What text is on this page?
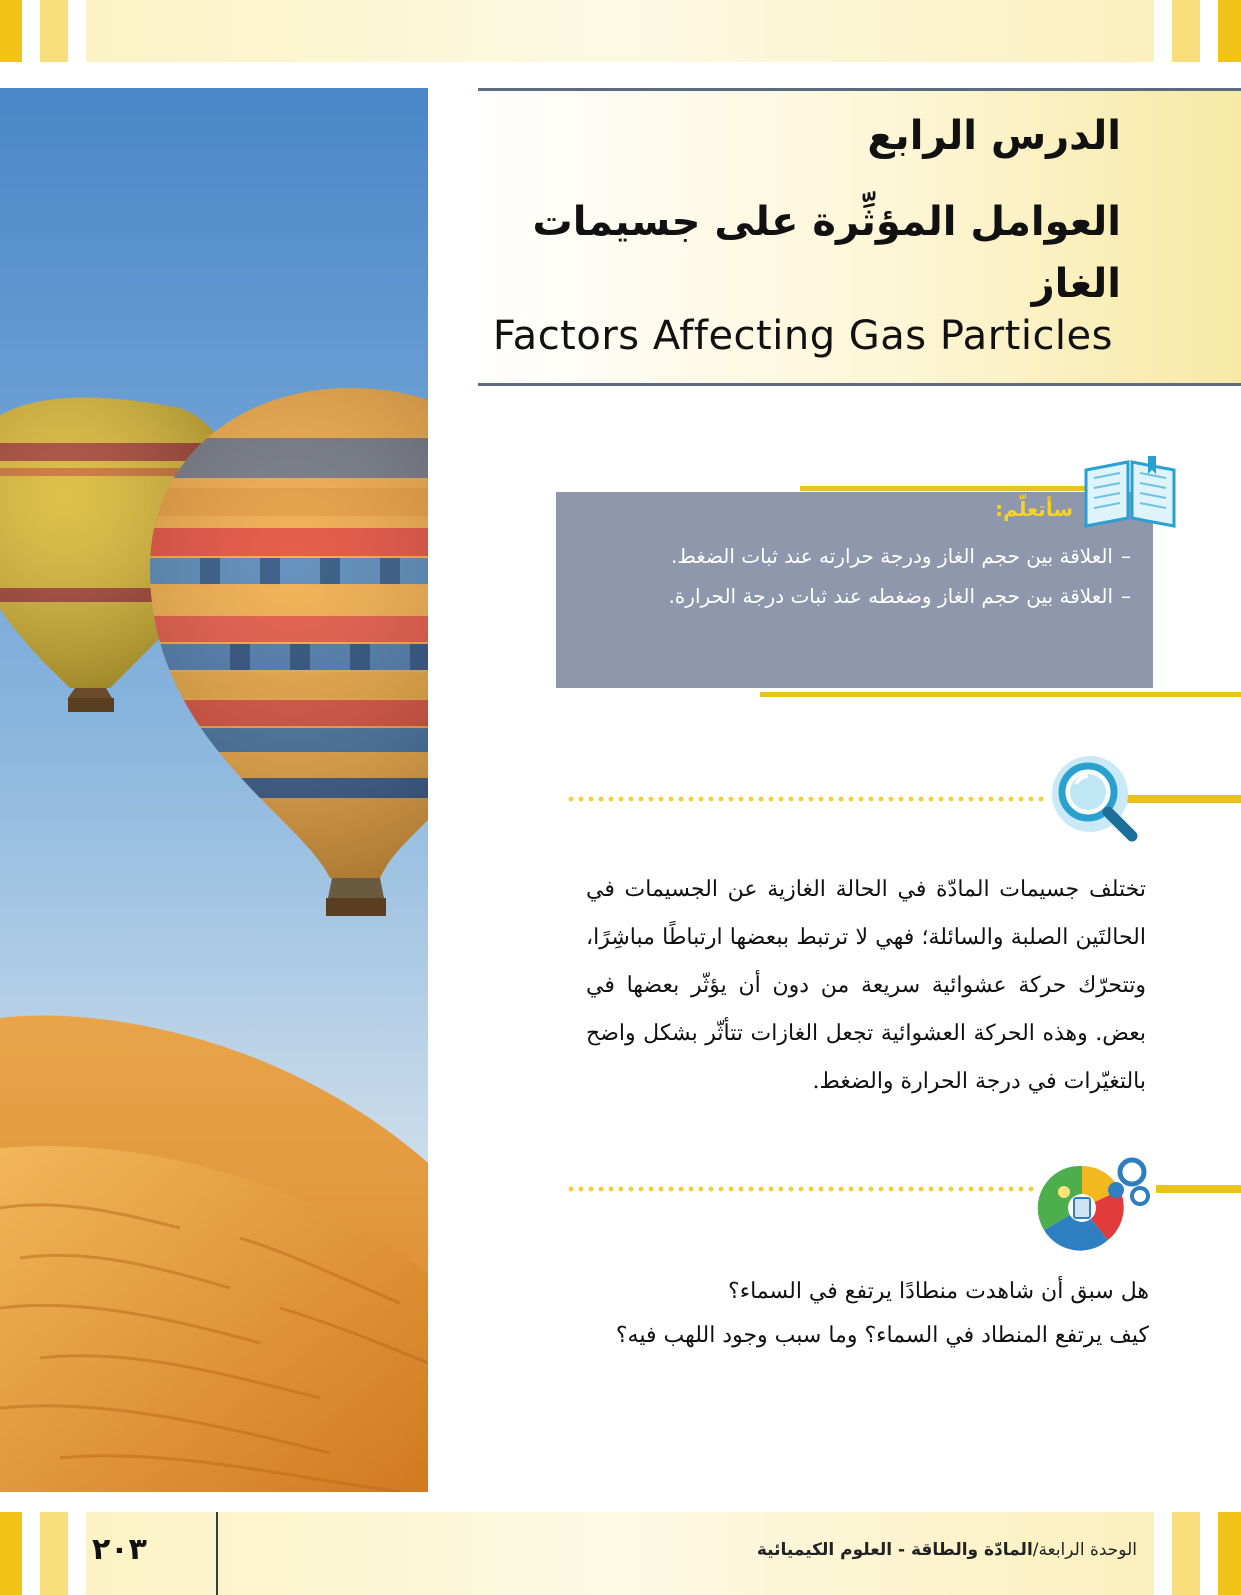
الدرس الرابع
العوامل المؤثِّرة على جسيمات الغاز
Factors Affecting Gas Particles
سأتعلّم:
–
العلاقة بين حجم الغاز ودرجة حرارته عند ثبات الضغط.
–
العلاقة بين حجم الغاز وضغطه عند ثبات درجة الحرارة.
تختلف جسيمات المادّة في الحالة الغازية عن الجسيمات في الحالتَين الصلبة والسائلة؛ فهي لا ترتبط ببعضها ارتباطًا مباشِرًا، وتتحرّك حركة عشوائية سريعة من دون أن يؤثّر بعضها في بعض. وهذه الحركة العشوائية تجعل الغازات تتأثّر بشكل واضح بالتغيّرات في درجة الحرارة والضغط.
هل سبق أن شاهدت منطادًا يرتفع في السماء؟
كيف يرتفع المنطاد في السماء؟ وما سبب وجود اللهب فيه؟
٢٠٣	الوحدة الرابعة/المادّة والطاقة - العلوم الكيميائية
